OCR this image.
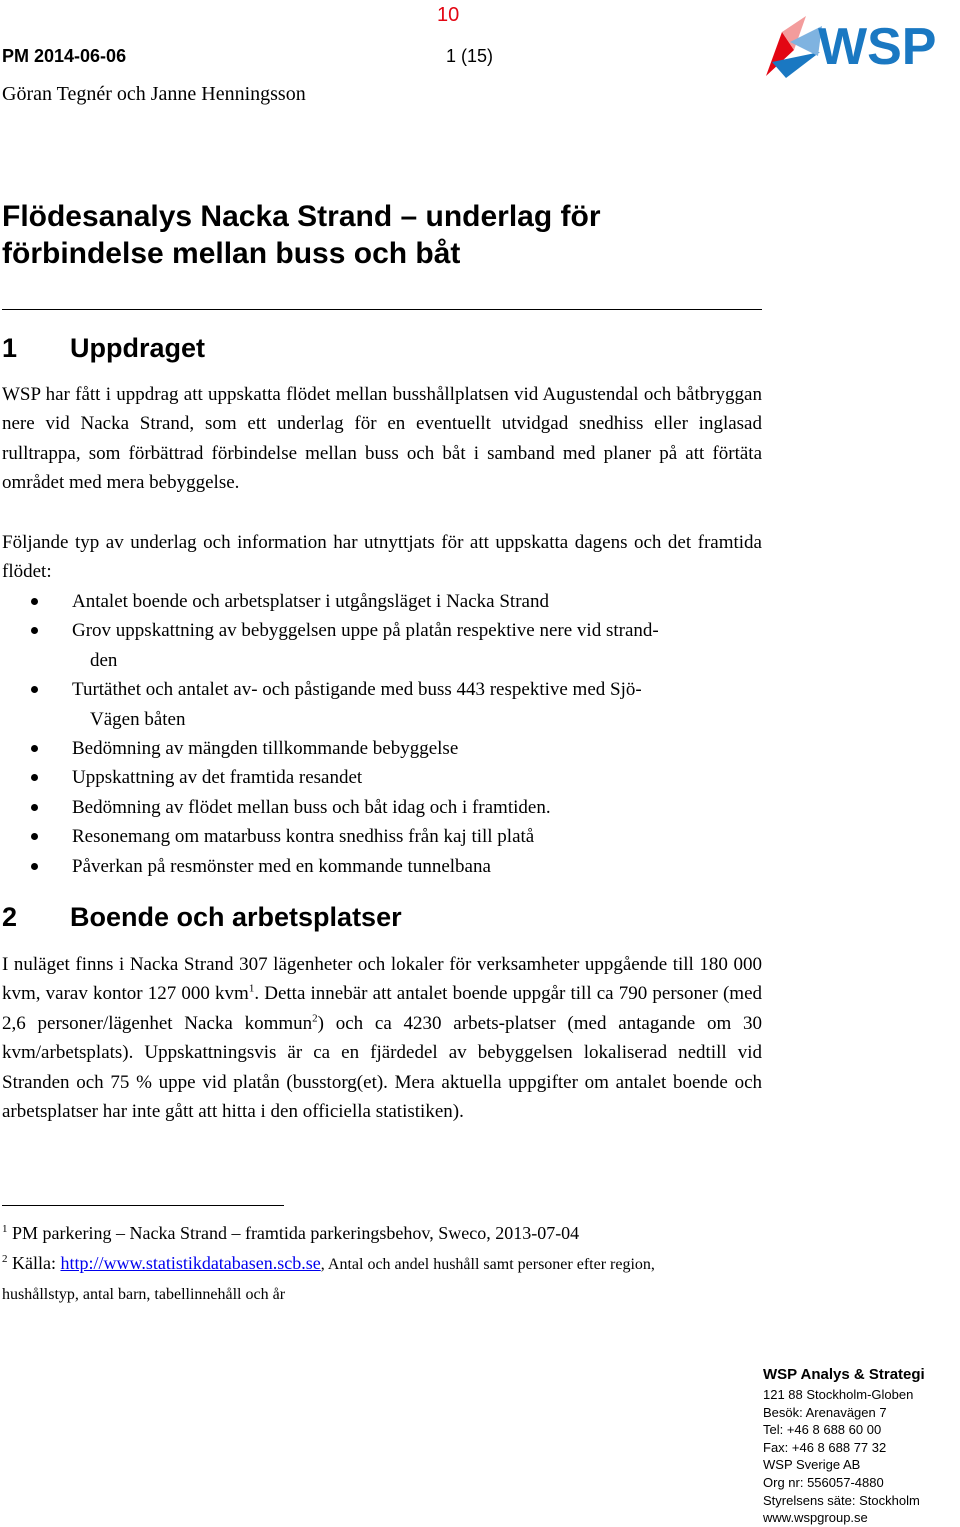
10
PM 2014-06-06	1 (15)
Göran Tegnér och Janne Henningsson
WSP
Flödesanalys Nacka Strand – underlag för
förbindelse mellan buss och båt
1 Uppdraget

WSP har fått i uppdrag att uppskatta flödet mellan busshållplatsen vid Augustendal och båtbryggan nere vid Nacka Strand, som ett underlag för en eventuellt utvidgad snedhiss eller inglasad rulltrappa, som förbättrad förbindelse mellan buss och båt i samband med planer på att förtäta området med mera bebyggelse.

Följande typ av underlag och information har utnyttjats för att uppskatta dagens och det framtida flödet:

Antalet boende och arbetsplatser i utgångsläget i Nacka Strand
Grov uppskattning av bebyggelsen uppe på platån respektive nere vid strand-
den
Turtäthet och antalet av- och påstigande med buss 443 respektive med Sjö-
Vägen båten
Bedömning av mängden tillkommande bebyggelse
Uppskattning av det framtida resandet
Bedömning av flödet mellan buss och båt idag och i framtiden.
Resonemang om matarbuss kontra snedhiss från kaj till platå
Påverkan på resmönster med en kommande tunnelbana
2 Boende och arbetsplatser

I nuläget finns i Nacka Strand 307 lägenheter och lokaler för verksamheter uppgående till 180 000 kvm, varav kontor 127 000 kvm$^1$. Detta innebär att antalet boende uppgår till ca 790 personer (med 2,6 personer/lägenhet Nacka kommun$^2$) och ca 4230 arbets-platser (med antagande om 30 kvm/arbetsplats). Uppskattningsvis är ca en fjärdedel av bebyggelsen lokaliserad nedtill vid Stranden och 75 % uppe vid platån (busstorg(et). Mera aktuella uppgifter om antalet boende och arbetsplatser har inte gått att hitta i den officiella statistiken).

$^1$ PM parkering – Nacka Strand – framtida parkeringsbehov, Sweco, 2013-07-04
$^2$ Källa: http://www.statistikdatabasen.scb.se, Antal och andel hushåll samt personer efter region,
hushållstyp, antal barn, tabellinnehåll och år
WSP Analys & Strategi
121 88 Stockholm-Globen
Besök: Arenavägen 7
Tel: +46 8 688 60 00
Fax: +46 8 688 77 32
WSP Sverige AB
Org nr: 556057-4880
Styrelsens säte: Stockholm
www.wspgroup.se
